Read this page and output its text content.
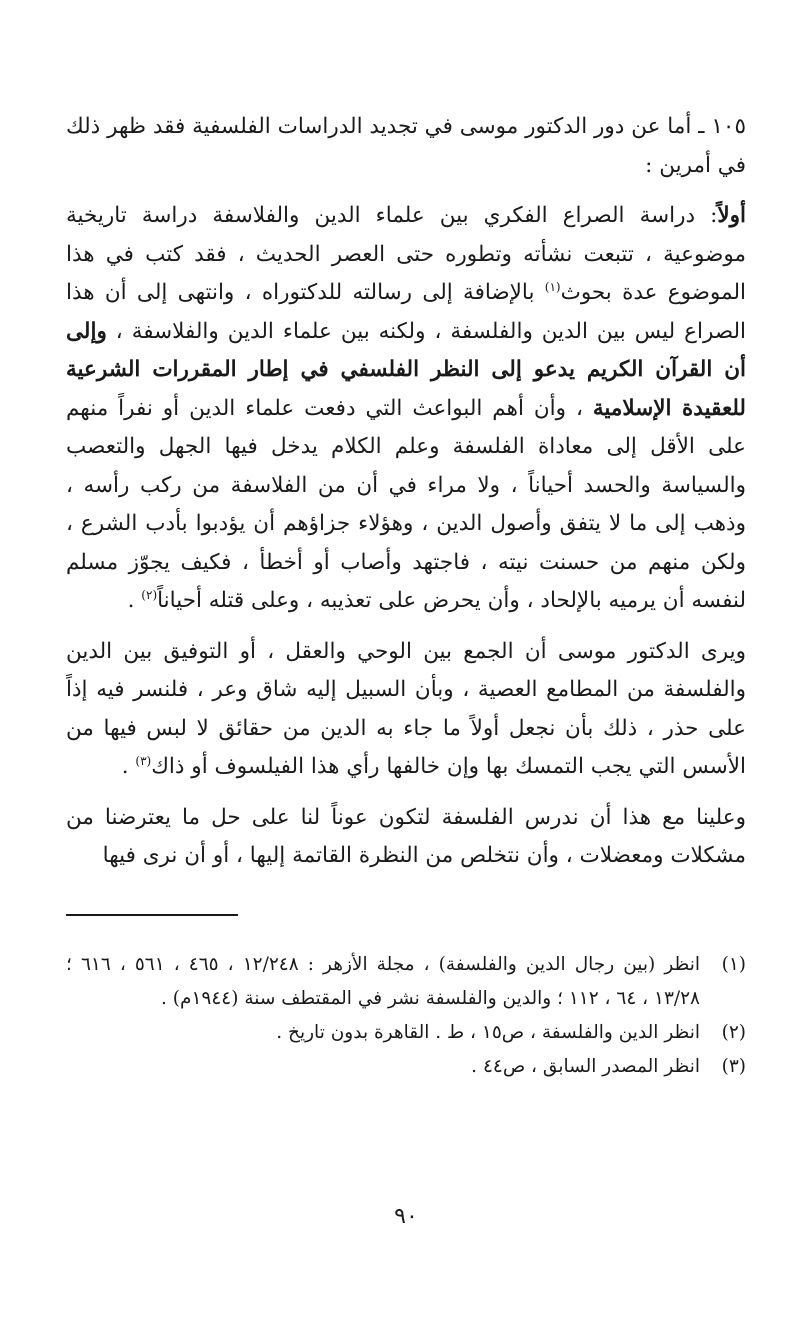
١٠٥ ـ أما عن دور الدكتور موسى في تجديد الدراسات الفلسفية فقد ظهر ذلك في أمرين :

أولاً: دراسة الصراع الفكري بين علماء الدين والفلاسفة دراسة تاريخية موضوعية ، تتبعت نشأته وتطوره حتى العصر الحديث ، فقد كتب في هذا الموضوع عدة بحوث$^{(١)}$ بالإضافة إلى رسالته للدكتوراه ، وانتهى إلى أن هذا الصراع ليس بين الدين والفلسفة ، ولكنه بين علماء الدين والفلاسفة ، وإلى أن القرآن الكريم يدعو إلى النظر الفلسفي في إطار المقررات الشرعية للعقيدة الإسلامية ، وأن أهم البواعث التي دفعت علماء الدين أو نفراً منهم على الأقل إلى معاداة الفلسفة وعلم الكلام يدخل فيها الجهل والتعصب والسياسة والحسد أحياناً ، ولا مراء في أن من الفلاسفة من ركب رأسه ، وذهب إلى ما لا يتفق وأصول الدين ، وهؤلاء جزاؤهم أن يؤدبوا بأدب الشرع ، ولكن منهم من حسنت نيته ، فاجتهد وأصاب أو أخطأ ، فكيف يجوّز مسلم لنفسه أن يرميه بالإلحاد ، وأن يحرض على تعذيبه ، وعلى قتله أحياناً$^{(٢)}$ .

ويرى الدكتور موسى أن الجمع بين الوحي والعقل ، أو التوفيق بين الدين والفلسفة من المطامع العصية ، وبأن السبيل إليه شاق وعر ، فلنسر فيه إذاً على حذر ، ذلك بأن نجعل أولاً ما جاء به الدين من حقائق لا لبس فيها من الأسس التي يجب التمسك بها وإن خالفها رأي هذا الفيلسوف أو ذاك$^{(٣)}$ .

وعلينا مع هذا أن ندرس الفلسفة لتكون عوناً لنا على حل ما يعترضنا من مشكلات ومعضلات ، وأن نتخلص من النظرة القاتمة إليها ، أو أن نرى فيها

(١)
انظر (بين رجال الدين والفلسفة) ، مجلة الأزهر : ١٢/٢٤٨ ، ٤٦٥ ، ٥٦١ ، ٦١٦ ؛ ١٣/٢٨ ، ٦٤ ، ١١٢ ؛ والدين والفلسفة نشر في المقتطف سنة (١٩٤٤م) .
(٢)
انظر الدين والفلسفة ، ص١٥ ، ط . القاهرة بدون تاريخ .
(٣)
انظر المصدر السابق ، ص٤٤ .
٩٠
